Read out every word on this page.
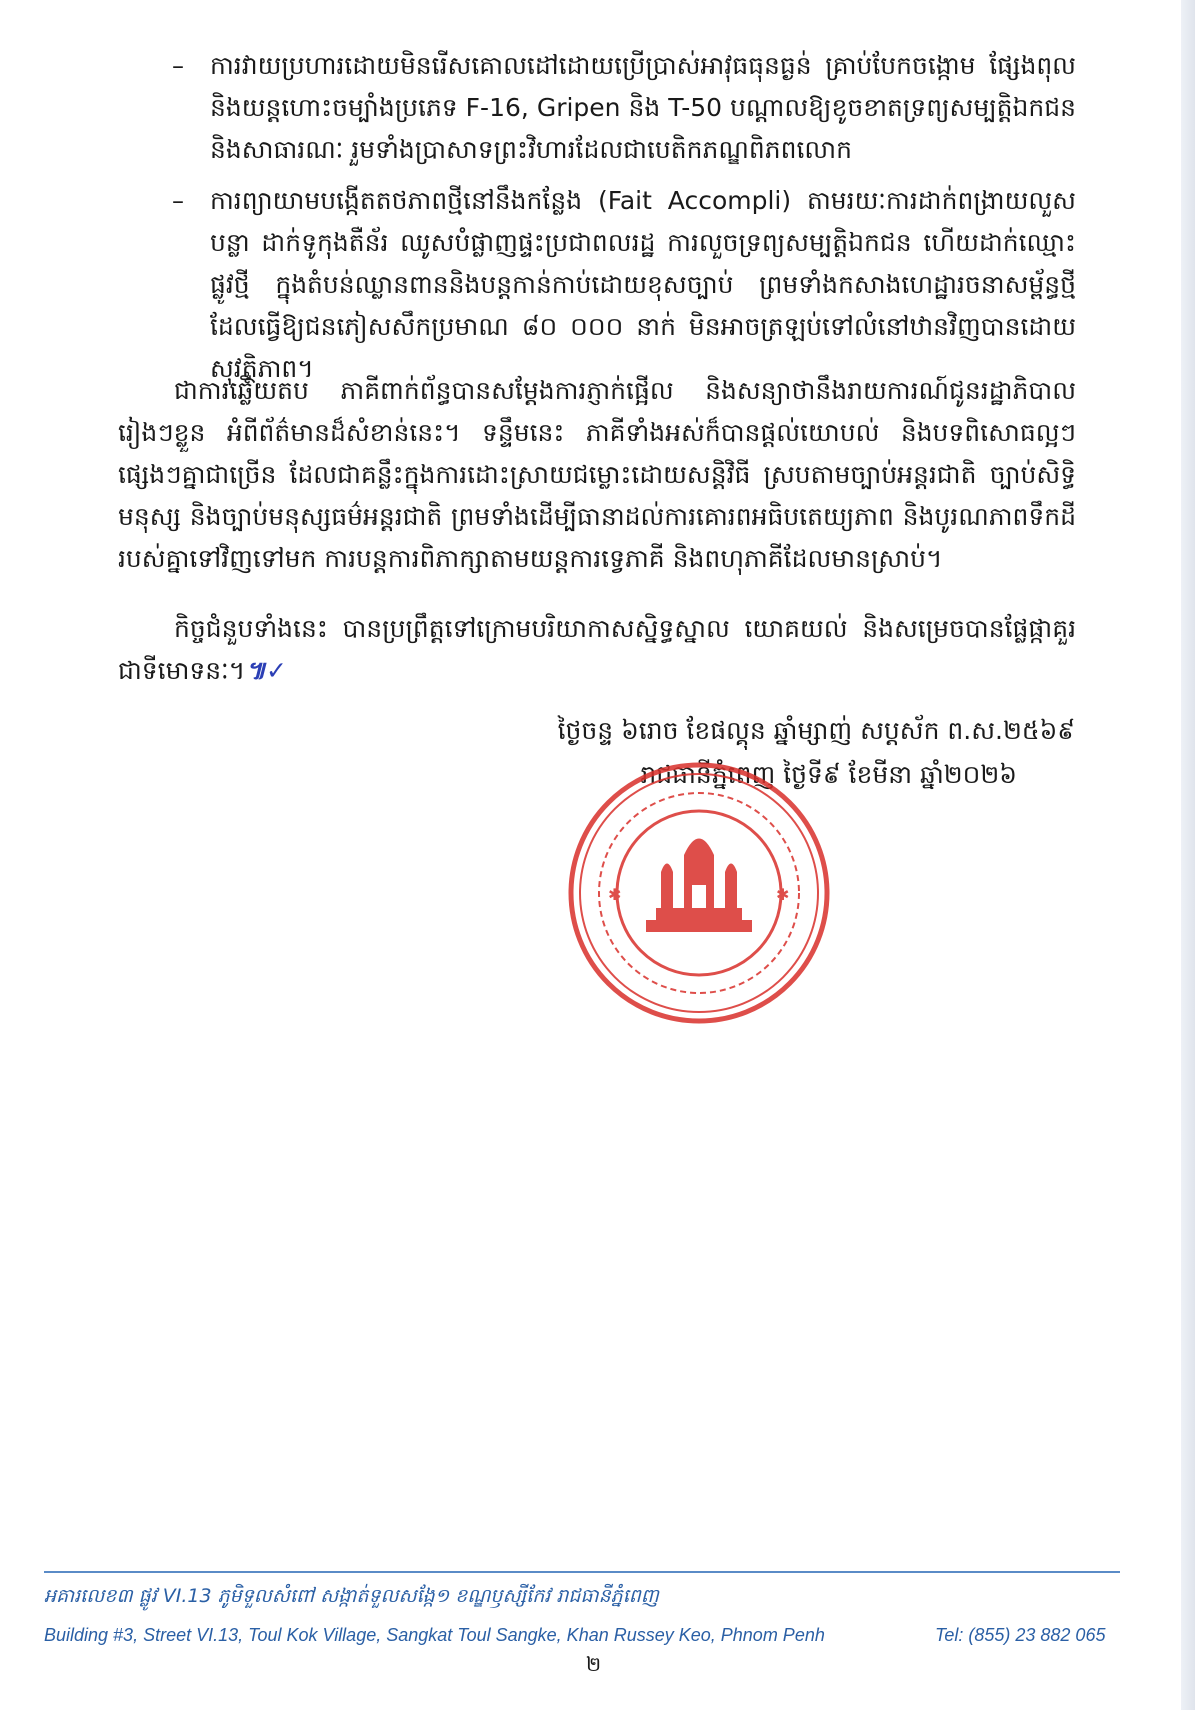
– ការវាយប្រហារដោយមិនរើសគោលដៅដោយប្រើប្រាស់អាវុធធុនធ្ងន់ គ្រាប់បែកចង្កោម ផ្សែងពុល និងយន្តហោះចម្បាំងប្រភេទ F-16, Gripen និង T-50 បណ្ដាលឱ្យខូចខាតទ្រព្យសម្បត្តិឯកជន និងសាធារណៈ រួមទាំងប្រាសាទព្រះវិហារដែលជាបេតិកភណ្ឌពិភពលោក
– ការព្យាយាមបង្កើតតថភាពថ្មីនៅនឹងកន្លែង (Fait Accompli) តាមរយៈការដាក់ពង្រាយលួសបន្លា ដាក់ទូកុងតឺន័រ ឈូសបំផ្លាញផ្ទះប្រជាពលរដ្ឋ ការលួចទ្រព្យសម្បត្តិឯកជន ហើយដាក់ឈ្មោះផ្លូវថ្មី ក្នុងតំបន់ឈ្លានពាននិងបន្តកាន់កាប់ដោយខុសច្បាប់ ព្រមទាំងកសាងហេដ្ឋារចនាសម្ព័ន្ធថ្មី ដែលធ្វើឱ្យជនភៀសសឹកប្រមាណ ៨០ ០០០ នាក់ មិនអាចត្រឡប់ទៅលំនៅឋានវិញបានដោយសុវត្ថិភាព។
ជាការឆ្លើយតប ភាគីពាក់ព័ន្ធបានសម្ដែងការភ្ញាក់ផ្អើល និងសន្យាថានឹងរាយការណ៍ជូនរដ្ឋាភិបាលរៀងៗខ្លួន អំពីព័ត៌មានដ៏សំខាន់នេះ។ ទន្ទឹមនេះ ភាគីទាំងអស់ក៏បានផ្តល់យោបល់ និងបទពិសោធល្អៗ ផ្សេងៗគ្នាជាច្រើន ដែលជាគន្លឹះក្នុងការដោះស្រាយជម្លោះដោយសន្តិវិធី ស្របតាមច្បាប់អន្តរជាតិ ច្បាប់សិទ្ធិមនុស្ស និងច្បាប់មនុស្សធម៌អន្តរជាតិ ព្រមទាំងដើម្បីធានាដល់ការគោរពអធិបតេយ្យភាព និងបូរណភាពទឹកដីរបស់គ្នាទៅវិញទៅមក ការបន្តការពិភាក្សាតាមយន្តការទ្វេភាគី និងពហុភាគីដែលមានស្រាប់។
កិច្ចជំនួបទាំងនេះ បានប្រព្រឹត្តទៅក្រោមបរិយាកាសស្និទ្ធស្នាល យោគយល់ និងសម្រេចបានផ្លែផ្កាគួរជាទីមោទនៈ។៕✓
ថ្ងៃចន្ទ ៦រោច ខែផល្គុន ឆ្នាំម្សាញ់ សប្តស័ក ព.ស.២៥៦៩
រាជធានីភ្នំពេញ ថ្ងៃទី៩ ខែមីនា ឆ្នាំ២០២៦
✱	✱
អគារលេខ៣ ផ្លូវ VI.13 ភូមិទួលសំពៅ សង្កាត់ទួលសង្កែ១ ខណ្ឌឫស្សីកែវ រាជធានីភ្នំពេញ
Building #3, Street VI.13, Toul Kok Village, Sangkat Toul Sangke, Khan Russey Keo, Phnom Penh	Tel: (855) 23 882 065
២
